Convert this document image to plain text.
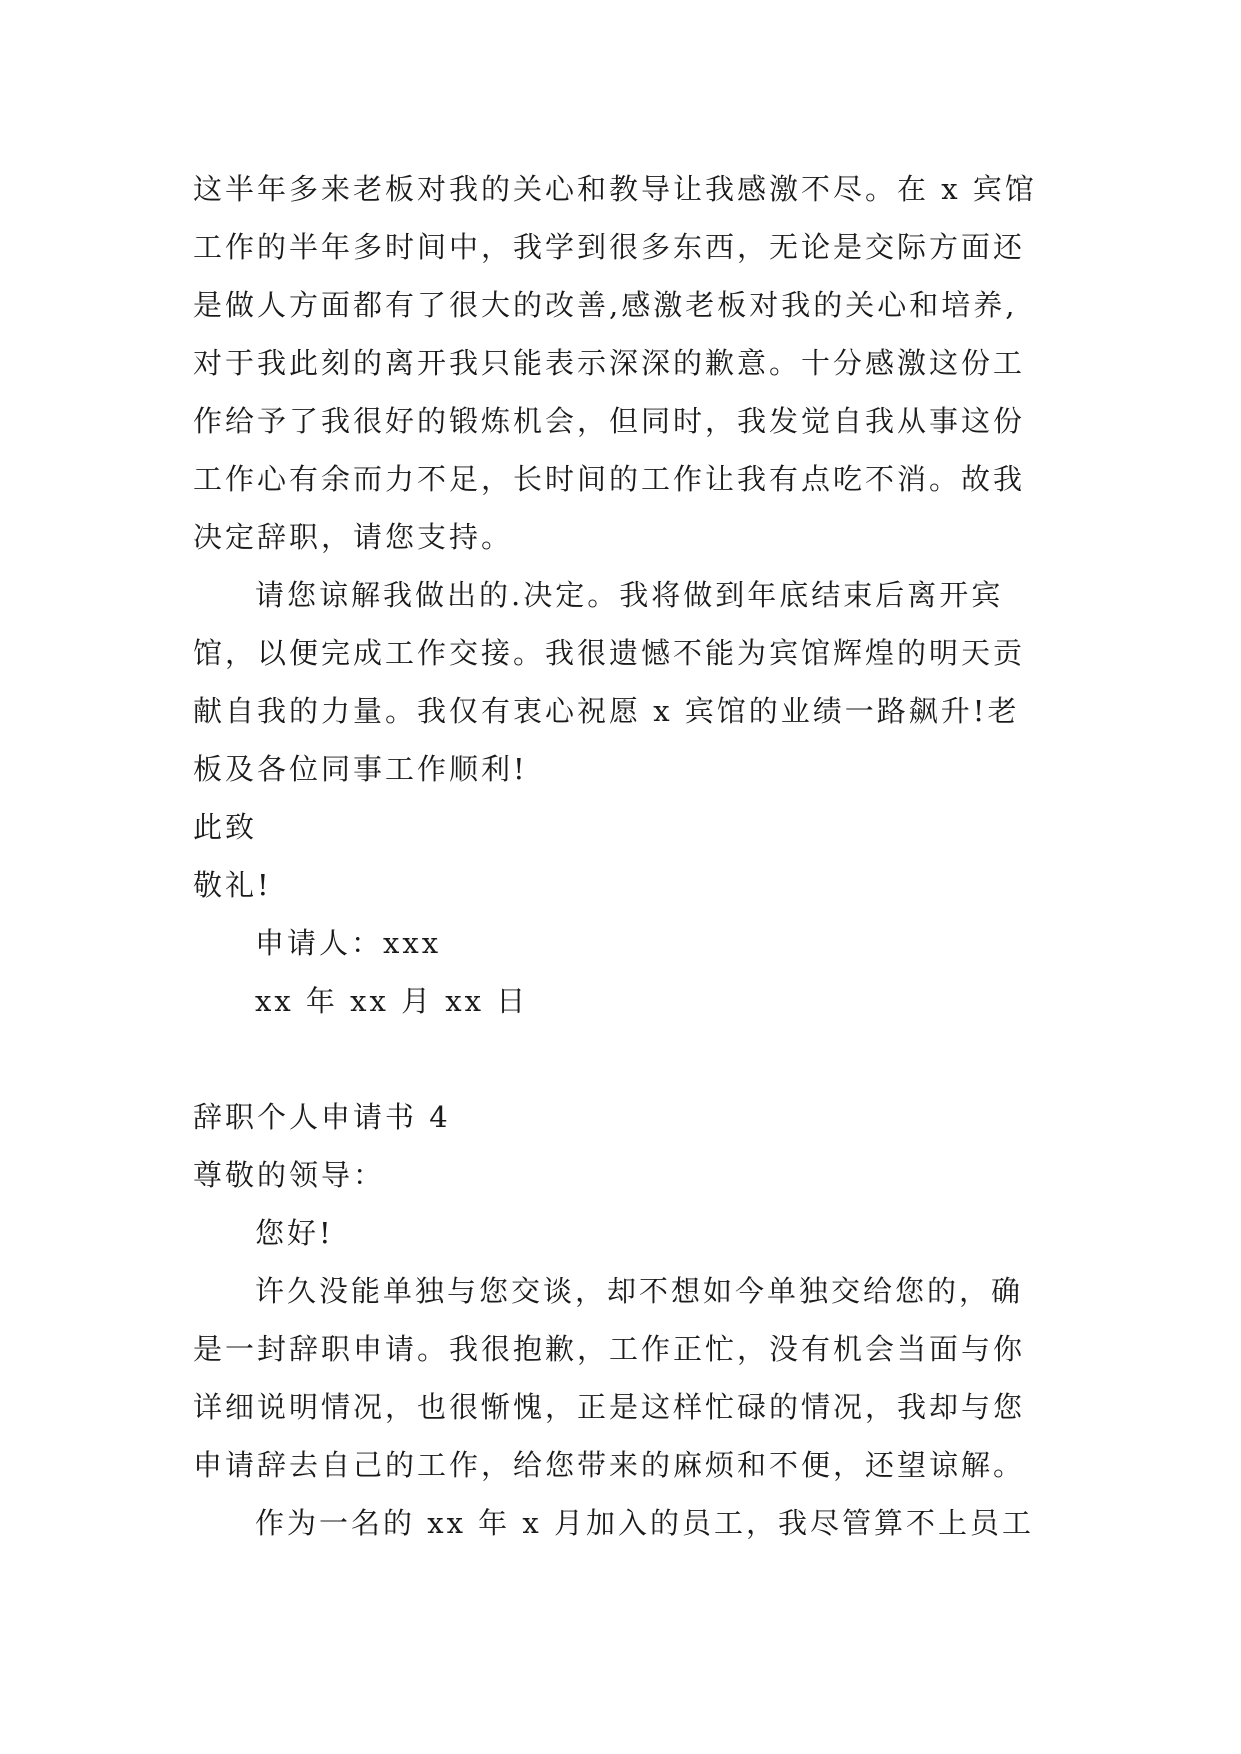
这半年多来老板对我的关心和教导让我感激不尽。在 x 宾馆
工作的半年多时间中，我学到很多东西，无论是交际方面还
是做人方面都有了很大的改善,感激老板对我的关心和培养,
对于我此刻的离开我只能表示深深的歉意。十分感激这份工
作给予了我很好的锻炼机会，但同时，我发觉自我从事这份
工作心有余而力不足，长时间的工作让我有点吃不消。故我
决定辞职，请您支持。
请您谅解我做出的.决定。我将做到年底结束后离开宾
馆，以便完成工作交接。我很遗憾不能为宾馆辉煌的明天贡
献自我的力量。我仅有衷心祝愿 x 宾馆的业绩一路飙升!老
板及各位同事工作顺利!
此致
敬礼!
申请人：xxx
xx 年 xx 月 xx 日
辞职个人申请书 4
尊敬的领导：
您好!
许久没能单独与您交谈，却不想如今单独交给您的，确
是一封辞职申请。我很抱歉，工作正忙，没有机会当面与你
详细说明情况，也很惭愧，正是这样忙碌的情况，我却与您
申请辞去自己的工作，给您带来的麻烦和不便，还望谅解。
作为一名的 xx 年 x 月加入的员工，我尽管算不上员工
